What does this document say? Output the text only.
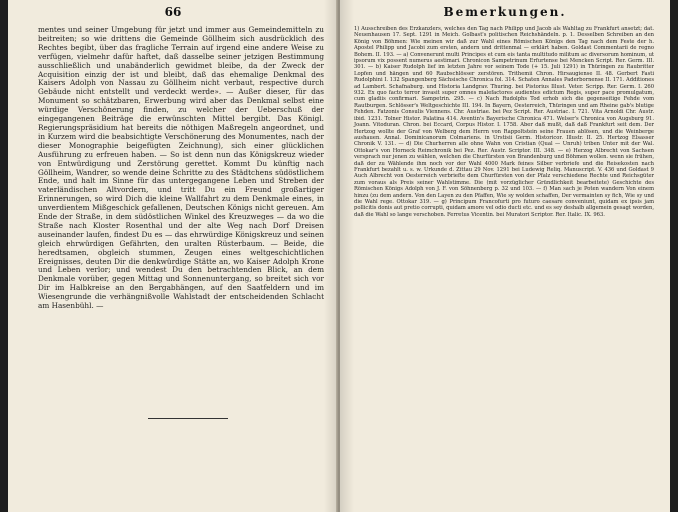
66

mentes und seiner Umgebung für jetzt und immer aus Gemeindemitteln zu beitreiten; so wie drittens die Gemeinde Göllheim sich ausdrücklich des Rechtes begibt, über das fragliche Terrain auf irgend eine andere Weise zu verfügen, vielmehr dafür haftet, daß dasselbe seiner jetzigen Bestimmung ausschließlich und unabänderlich gewidmet bleibe, da der Zweck der Acquisition einzig der ist und bleibt, daß das ehemalige Denkmal des Kaisers Adolph von Nassau zu Göllheim nicht verbaut, respective durch Gebäude nicht entstellt und verdeckt werde». — Außer dieser, für das Monument so schätzbaren, Erwerbung wird aber das Denkmal selbst eine würdige Verschönerung finden, zu welcher der Ueberschuß der eingegangenen Beiträge die erwünschten Mittel bergibt. Das Königl. Regierungspräsidium hat bereits die nöthigen Maßregeln angeordnet, und in Kurzem wird die beabsichtigte Verschönerung des Monumentes, nach der dieser Monographie beigefügten Zeichnung), sich einer glücklichen Ausführung zu erfreuen haben. — So ist denn nun das Königskreuz wieder von Entwürdigung und Zerstörung gerettet. Kommt Du künftig nach Göllheim, Wandrer, so wende deine Schritte zu des Städtchens südöstlichem Ende, und halt im Sinne für das untergegangene Leben und Streben der vaterländischen Altvordern, und tritt Du ein Freund großartiger Erinnerungen, so wird Dich die kleine Wallfahrt zu dem Denkmale eines, in unverdientem Mißgeschick gefallenen, Deutschen Königs nicht gereuen. Am Ende der Straße, in dem südöstlichen Winkel des Kreuzweges — da wo die Straße nach Kloster Rosenthal und der alte Weg nach Dorf Dreisen auseinander laufen, findest Du es — das ehrwürdige Königskreuz und seinen gleich ehrwürdigen Gefährten, den uralten Rüsterbaum. — Beide, die heredtsamen, obgleich stummen, Zeugen eines weltgeschichtlichen Ereignisses, deuten Dir die denkwürdige Stätte an, wo Kaiser Adolph Krone und Leben verlor; und wendest Du den betrachtenden Blick, an dem Denkmale vorüber, gegen Mittag und Sonnenuntergang, so breitet sich vor Dir im Halbkreise an den Bergabhängen, auf den Saatfeldern und im Wiesengrunde die verhängnißvolle Wahlstadt der entscheidenden Schlacht am Hasenbühl. —

Bemerkungen.

1) Ausschreiben des Erzkanzlers, welches den Tag nach Philipp und Jacob als Wahltag zu Frankfurt ansetzt; dat. Neuenhausen 17. Sept. 1291 in Meich. Golbast's politischen Reichshändeln. p. 1. Desselben Schreiben an den König von Böhmen: Wie meinen wir daß zur Wahl eines Römischen Königs den Tag nach dem Feste der h. Apostel Philipp und Jacobi zum ersten, andern und drittenmal — erklärt haben. Goldast Commentarii de regno Bohem. II. 193. — a) Convenerunt multi Principes et cum eis tanta multitudo militum ac diversorum hominum, ut ipsorum vix possent numerus aestimari. Chronicon Sampetrinum Erfurtense bei Mencken Script. Rer. Germ. III. 301. — b) Kaiser Rudolph lief im letzten Jahre vor seinem Tode (+ 15. Juli 1291) in Thüringen zu Raubritter Lopfen und hängen und 60 Raubschlösser zerstören. Trithemii Chron. Hirsaugiense II. 48. Gerbert Fasti Rudolphini I. 132 Spangenberg Sächsische Chronica fol. 314. Schaten Annales Paderbornense II. 171. Additiones ad Lambert. Schafnaburg. und Historia Landgrav. Thuring. bei Pistorius Illust. Veter. Scripp. Rer. Germ. I. 260 932. Ex quo facto terror invasit super omnes malefactores audientes edictum Regis, super pace promulgatum, cum gladiis confirmari. Sampetrin. 295. — c) Nach Rudolphs Tod erhob sich die gegenseitige Fehde vom Rautburgen. Schlösser's Weltgeschichte III. 194. In Bayern, Oesterreich, Thüringen und am Rheine gab's blutige Fehden. Fatzonis Consulis Viennens. Chr. Austriae. bei Pez Script. Rer. Austriac. I. 721. Vita Arnoldi Chr. Austr. ibid. 1231. Tolner Histor. Palatina 414. Aventin's Bayerische Chronica 471. Welser's Chronica von Augsburg 91. Joann. Vitoduran. Chron. bei Eccard, Corpus Histor. I. 1758. Aber daß mußt, daß daß Frankfurt seit dem. Der Hertzog wollte der Graf von Welberg dem Herrn von Rappoltstein seine Frauen ablösen, und die Weinberge aushauen. Annal. Dominicanorum Colmariens. in Urstisii Germ. Historicor. Illustr. II. 25. Hertzog Elsasser Chronik V. 131. — d) Die Churherren alle ohne Wahn von Cristian (Qual — Unruh) triben Unter mit der Wal. Ottokar's von Horneck Reimchronik bei Pez. Rer. Austr. Scriptor. III. 348. — e) Herzog Albrecht von Sachsen versprach nur jenen zu wählen, welchen die Churfürsten von Brandenburg und Böhmen wollen. wenn sie frühen, daß der zu Wählende ihm noch vor der Wahl 4000 Mark feines Silber verbriefe und die Reisekosten nach Frankfurt bezahlt u. s. w. Urkunde d. Zittau 29 Nov. 1291 bei Ludewig Reliq. Manuscript. V. 436 und Goldast 9 Auch Albrecht von Oesterreich verbriefte dem Churfürsten von der Pfalz verschiedene Rechte und Reichsgüter zum voraus als Preis seiner Wahlstimme. Die (mit vorzüglicher Gründlichkeit bearbeitete) Geschichte des Römischen Königs Adolph von J. F. von Söhnenberg p. 32 und 103. — f) Man sach je Poten wandern Von einem hinzu (zu dem andern. Von den Layen zu den Pfaffen, Wie sy wolden schaffen, Der vermainten sy fich, Wie sy und die Wahl rege. Ottokar 319. — g) Principum Francofurti pro futuro caesare conveniunt, quidam ex ipsis jam pollicitis donis aut pretio corrupti, quidam amore vel odio ducti etc. und es sey deshalb allgemein gesagt worden, daß die Wahl so lange verschoben. Ferretus Vicentin. bei Muratori Scriptor. Rer. Italic. IX. 963.
